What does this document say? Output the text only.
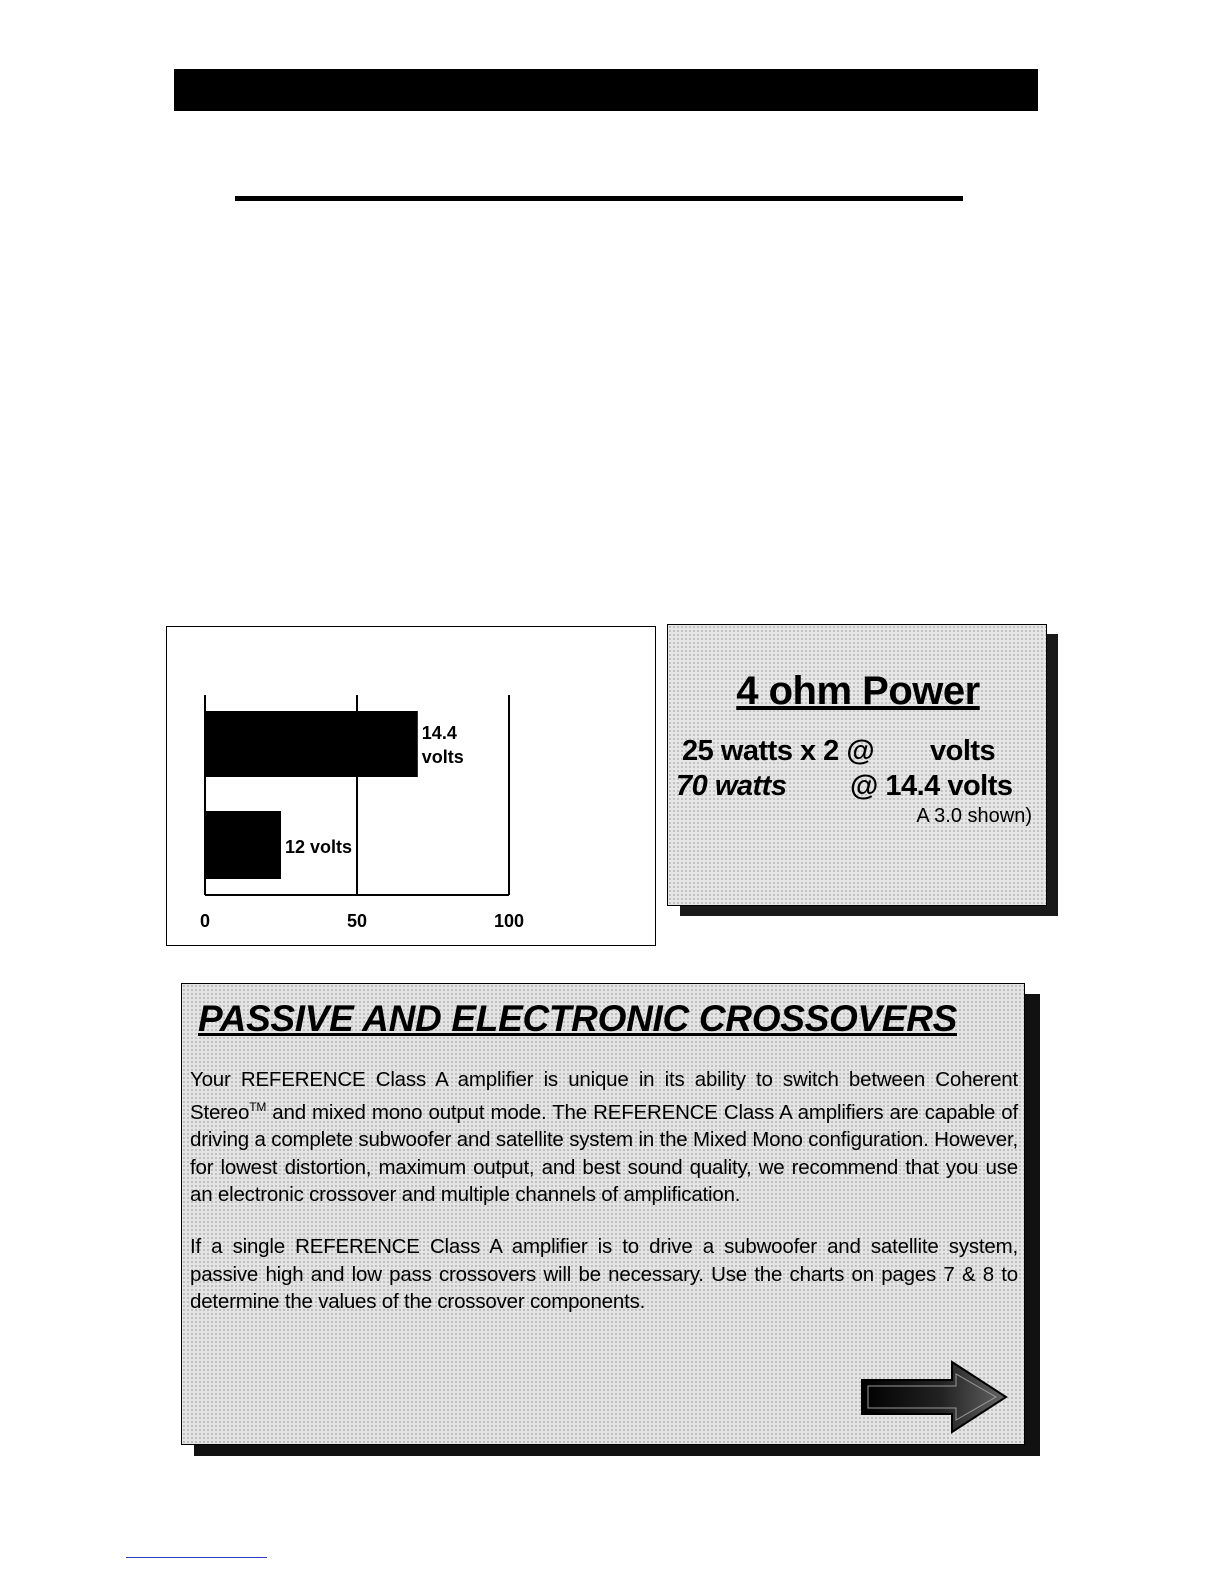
14.4
volts
12 volts
0	50	100
4 ohm Power
25 watts x 2 @ volts
70 watts @ 14.4 volts
A 3.0 shown)
PASSIVE AND ELECTRONIC CROSSOVERS
Your REFERENCE Class A amplifier is unique in its ability to switch between Coherent Stereo™ and mixed mono output mode. The REFERENCE Class A amplifiers are capable of driving a complete subwoofer and satellite system in the Mixed Mono configuration. However, for lowest distortion, maximum output, and best sound quality, we recommend that you use an electronic crossover and multiple channels of amplification.
If a single REFERENCE Class A amplifier is to drive a subwoofer and satellite system, passive high and low pass crossovers will be necessary. Use the charts on pages 7 & 8 to determine the values of the crossover components.
